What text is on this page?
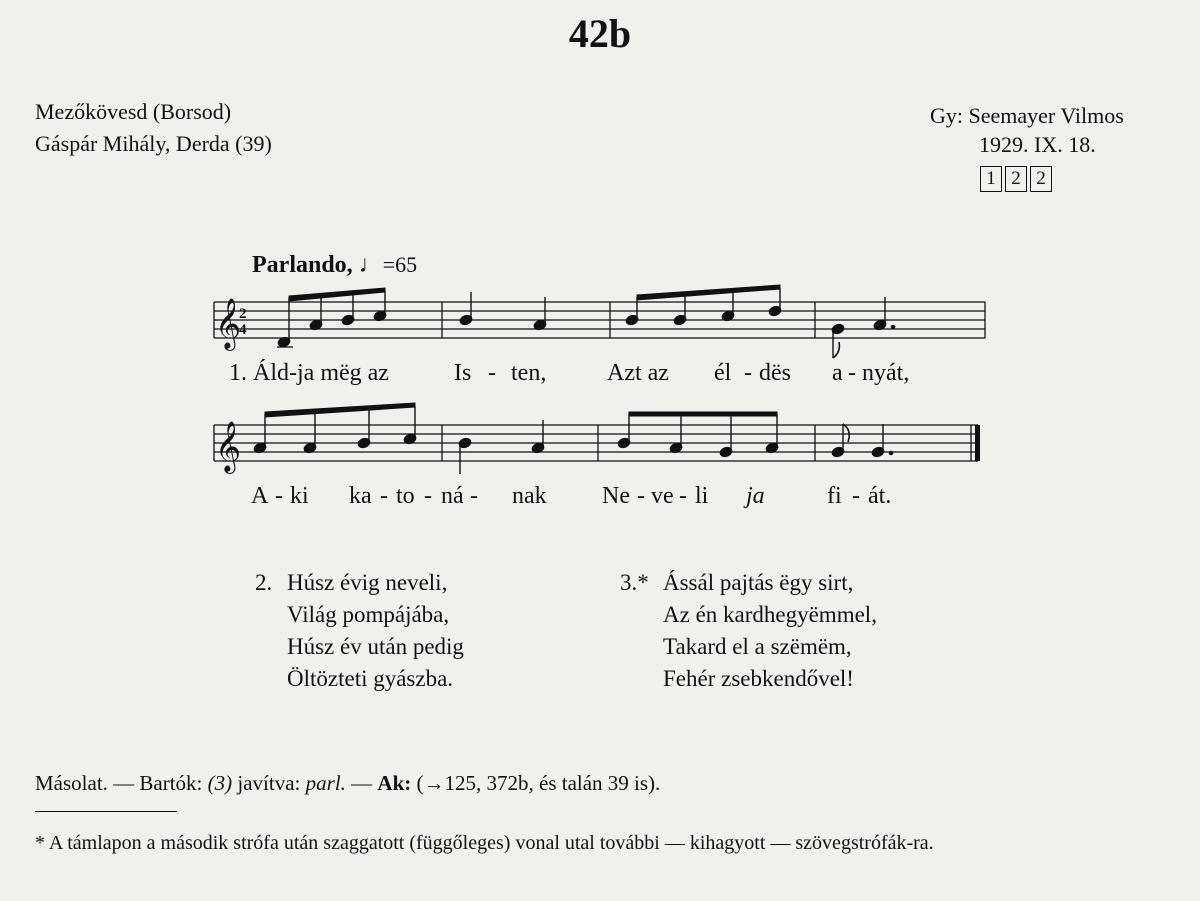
42b
Mezőkövesd (Borsod)
Gáspár Mihály, Derda (39)
Gy: Seemayer Vilmos
1929. IX. 18.
1 2 2
Parlando, ♩=65
𝄞
2
4
𝄞
1. Áld-ja mëg az	Is - ten,	Azt az él - dës a - nyát,
A - ki ka - to - ná - nak Ne - ve - li ja	fi - át.
2. Húsz évig neveli,
Világ pompájába,
Húsz év után pedig
Öltözteti gyászba.
3.* Ássál pajtás ëgy sirt,
Az én kardhegyëmmel,
Takard el a szëmëm,
Fehér zsebkendővel!
Másolat. — Bartók: (3) javítva: parl. — Ak: (→125, 372b, és talán 39 is).
* A támlapon a második strófa után szaggatott (függőleges) vonal utal további — kihagyott — szövegstrófák-ra.
